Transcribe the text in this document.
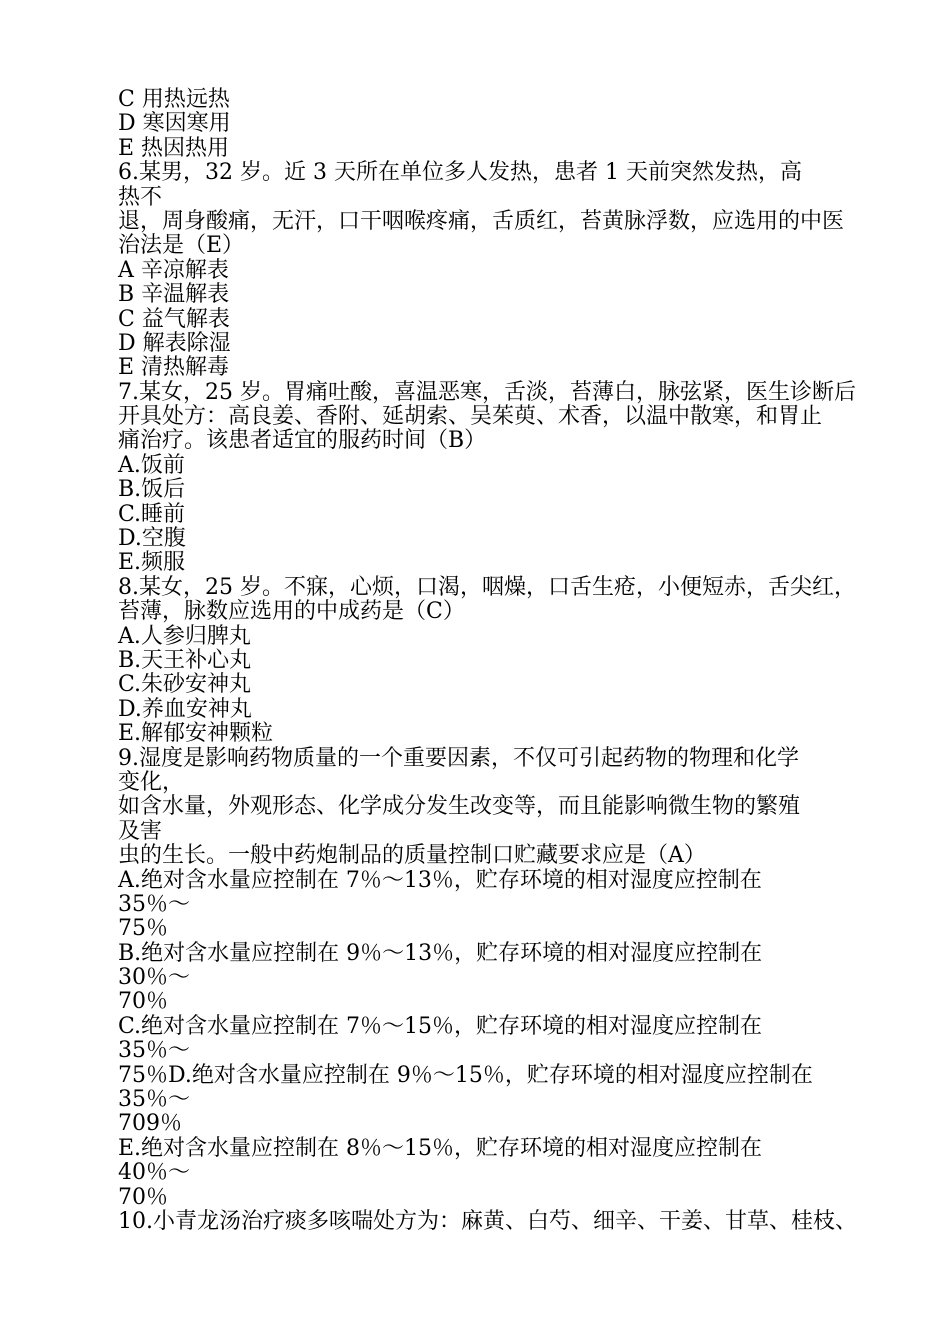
C 用热远热
D 寒因寒用
E 热因热用
6.某男，32 岁。近 3 天所在单位多人发热，患者 1 天前突然发热，高
热不
退，周身酸痛，无汗，口干咽喉疼痛，舌质红，苔黄脉浮数，应选用的中医
治法是（E）
A 辛凉解表
B 辛温解表
C 益气解表
D 解表除湿
E 清热解毒
7.某女，25 岁。胃痛吐酸，喜温恶寒，舌淡，苔薄白，脉弦紧，医生诊断后
开具处方：高良姜、香附、延胡索、吴茱萸、术香，以温中散寒，和胃止
痛治疗。该患者适宜的服药时间（B）
A.饭前
B.饭后
C.睡前
D.空腹
E.频服
8.某女，25 岁。不寐，心烦，口渴，咽燥，口舌生疮，小便短赤，舌尖红，
苔薄，脉数应选用的中成药是（C）
A.人参归脾丸
B.天王补心丸
C.朱砂安神丸
D.养血安神丸
E.解郁安神颗粒
9.湿度是影响药物质量的一个重要因素，不仅可引起药物的物理和化学
变化，
如含水量，外观形态、化学成分发生改变等，而且能影响微生物的繁殖
及害
虫的生长。一般中药炮制品的质量控制口贮藏要求应是（A）
A.绝对含水量应控制在 7％～13％，贮存环境的相对湿度应控制在
35％～
75％
B.绝对含水量应控制在 9％～13％，贮存环境的相对湿度应控制在
30％～
70％
C.绝对含水量应控制在 7％～15％，贮存环境的相对湿度应控制在
35％～
75％D.绝对含水量应控制在 9％～15％，贮存环境的相对湿度应控制在
35％～
709％
E.绝对含水量应控制在 8％～15％，贮存环境的相对湿度应控制在
40％～
70％
10.小青龙汤治疗痰多咳喘处方为：麻黄、白芍、细辛、干姜、甘草、桂枝、
